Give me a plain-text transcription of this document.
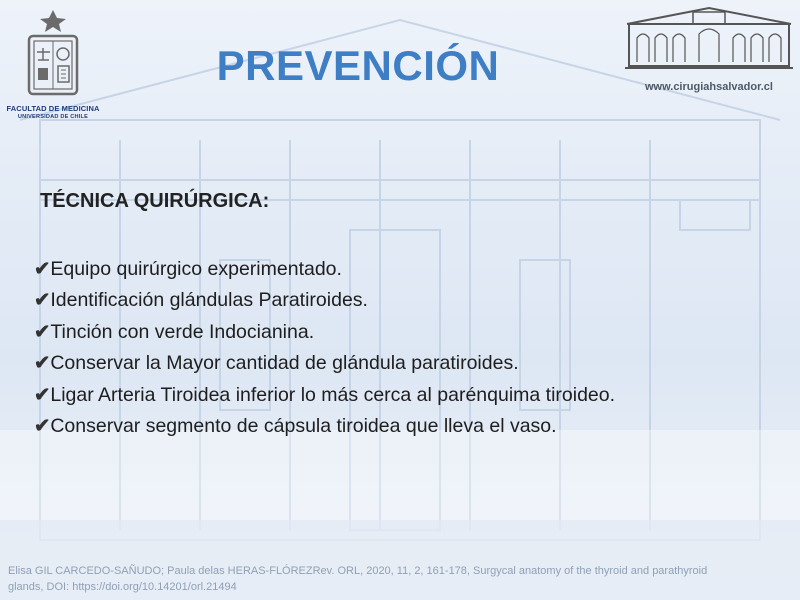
FACULTAD DE MEDICINA
UNIVERSIDAD DE CHILE
www.cirugiahsalvador.cl
PREVENCIÓN
TÉCNICA QUIRÚRGICA:
✔Equipo quirúrgico experimentado.
✔Identificación glándulas Paratiroides.
✔Tinción con verde Indocianina.
✔Conservar la Mayor cantidad de glándula paratiroides.
✔Ligar Arteria Tiroidea inferior lo más cerca al parénquima tiroideo.
✔Conservar segmento de cápsula tiroidea que lleva el vaso.
Elisa GIL CARCEDO-SAÑUDO; Paula delas HERAS-FLÓREZRev. ORL, 2020, 11, 2, 161-178, Surgycal anatomy of the thyroid and parathyroid
glands, DOI: https://doi.org/10.14201/orl.21494
